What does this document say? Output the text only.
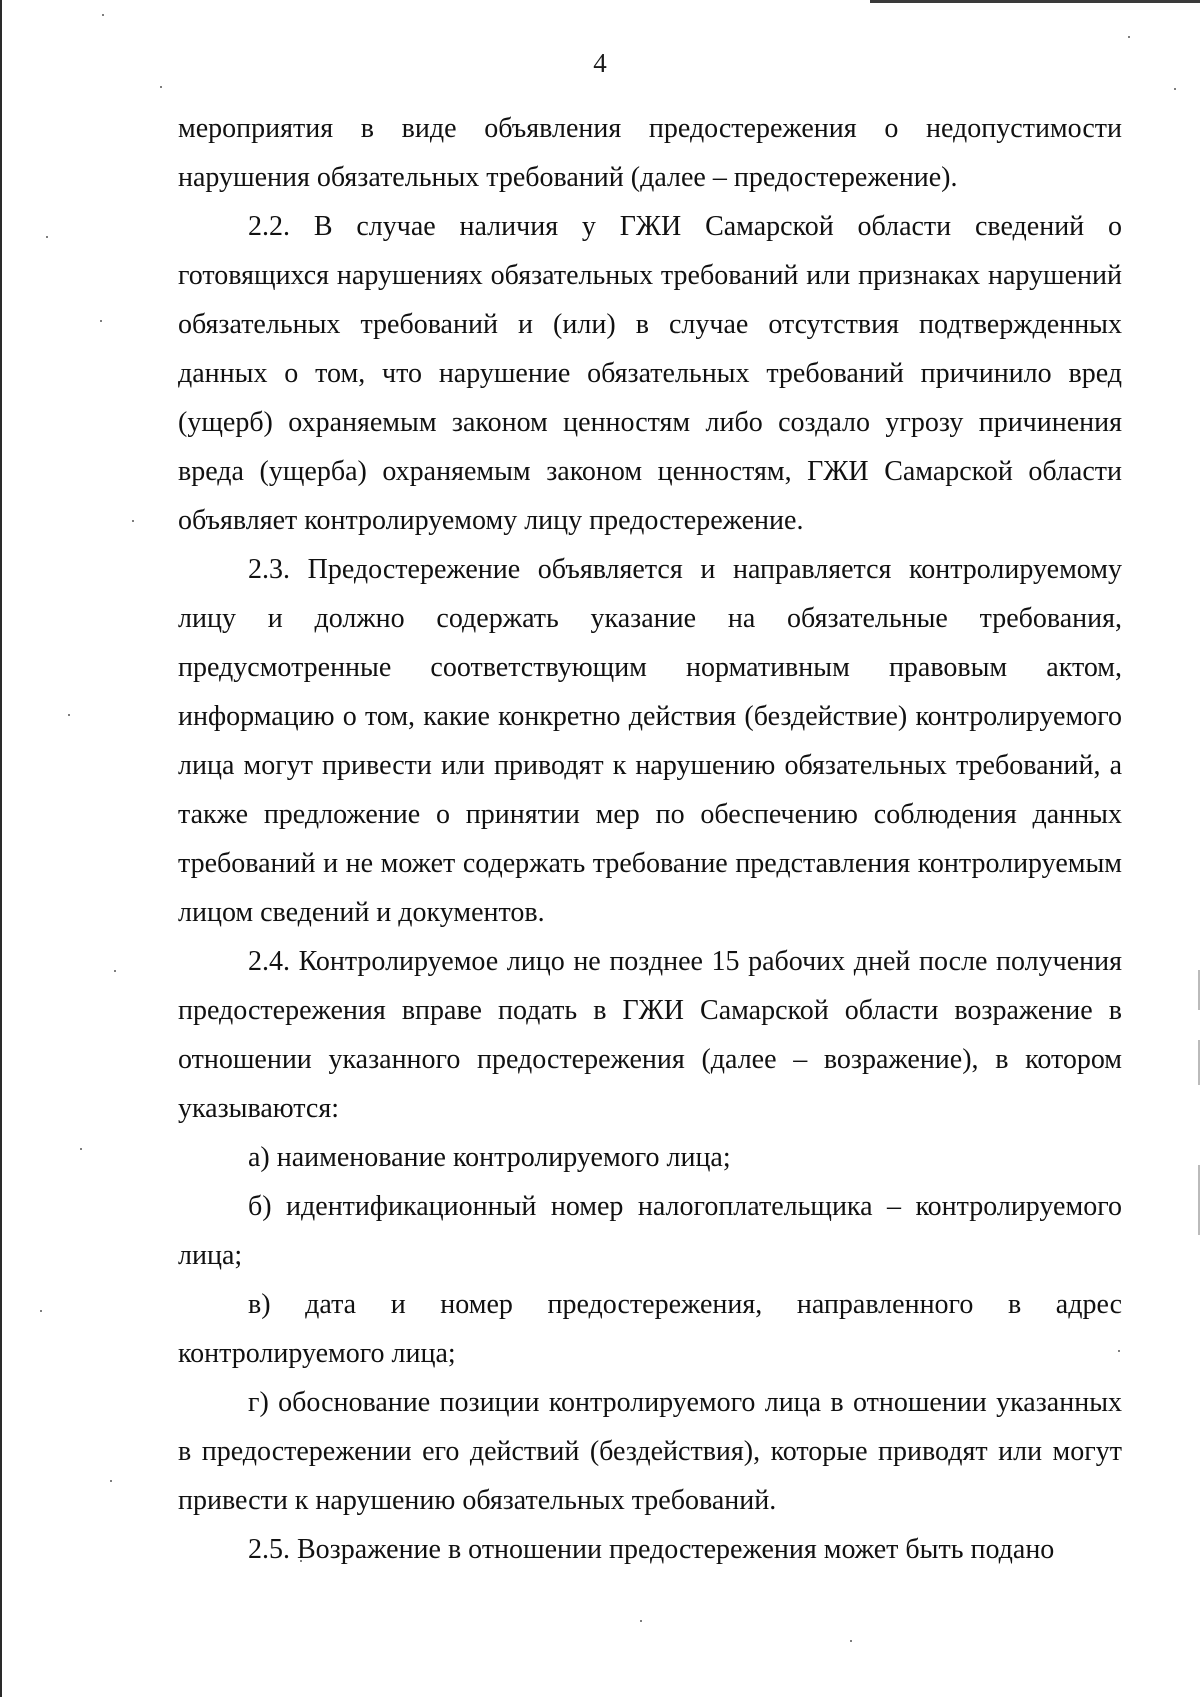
4

мероприятия в виде объявления предостережения о недопустимости нарушения обязательных требований (далее – предостережение).

2.2. В случае наличия у ГЖИ Самарской области сведений о готовящихся нарушениях обязательных требований или признаках нарушений обязательных требований и (или) в случае отсутствия подтвержденных данных о том, что нарушение обязательных требований причинило вред (ущерб) охраняемым законом ценностям либо создало угрозу причинения вреда (ущерба) охраняемым законом ценностям, ГЖИ Самарской области объявляет контролируемому лицу предостережение.

2.3. Предостережение объявляется и направляется контролируемому лицу и должно содержать указание на обязательные требования, предусмотренные соответствующим нормативным правовым актом, информацию о том, какие конкретно действия (бездействие) контролируемого лица могут привести или приводят к нарушению обязательных требований, а также предложение о принятии мер по обеспечению соблюдения данных требований и не может содержать требование представления контролируемым лицом сведений и документов.

2.4. Контролируемое лицо не позднее 15 рабочих дней после получения предостережения вправе подать в ГЖИ Самарской области возражение в отношении указанного предостережения (далее – возражение), в котором указываются:

а) наименование контролируемого лица;

б) идентификационный номер налогоплательщика – контролируемого лица;

в) дата и номер предостережения, направленного в адрес контролируемого лица;

г) обоснование позиции контролируемого лица в отношении указанных в предостережении его действий (бездействия), которые приводят или могут привести к нарушению обязательных требований.

2.5. Возражение в отношении предостережения может быть подано
